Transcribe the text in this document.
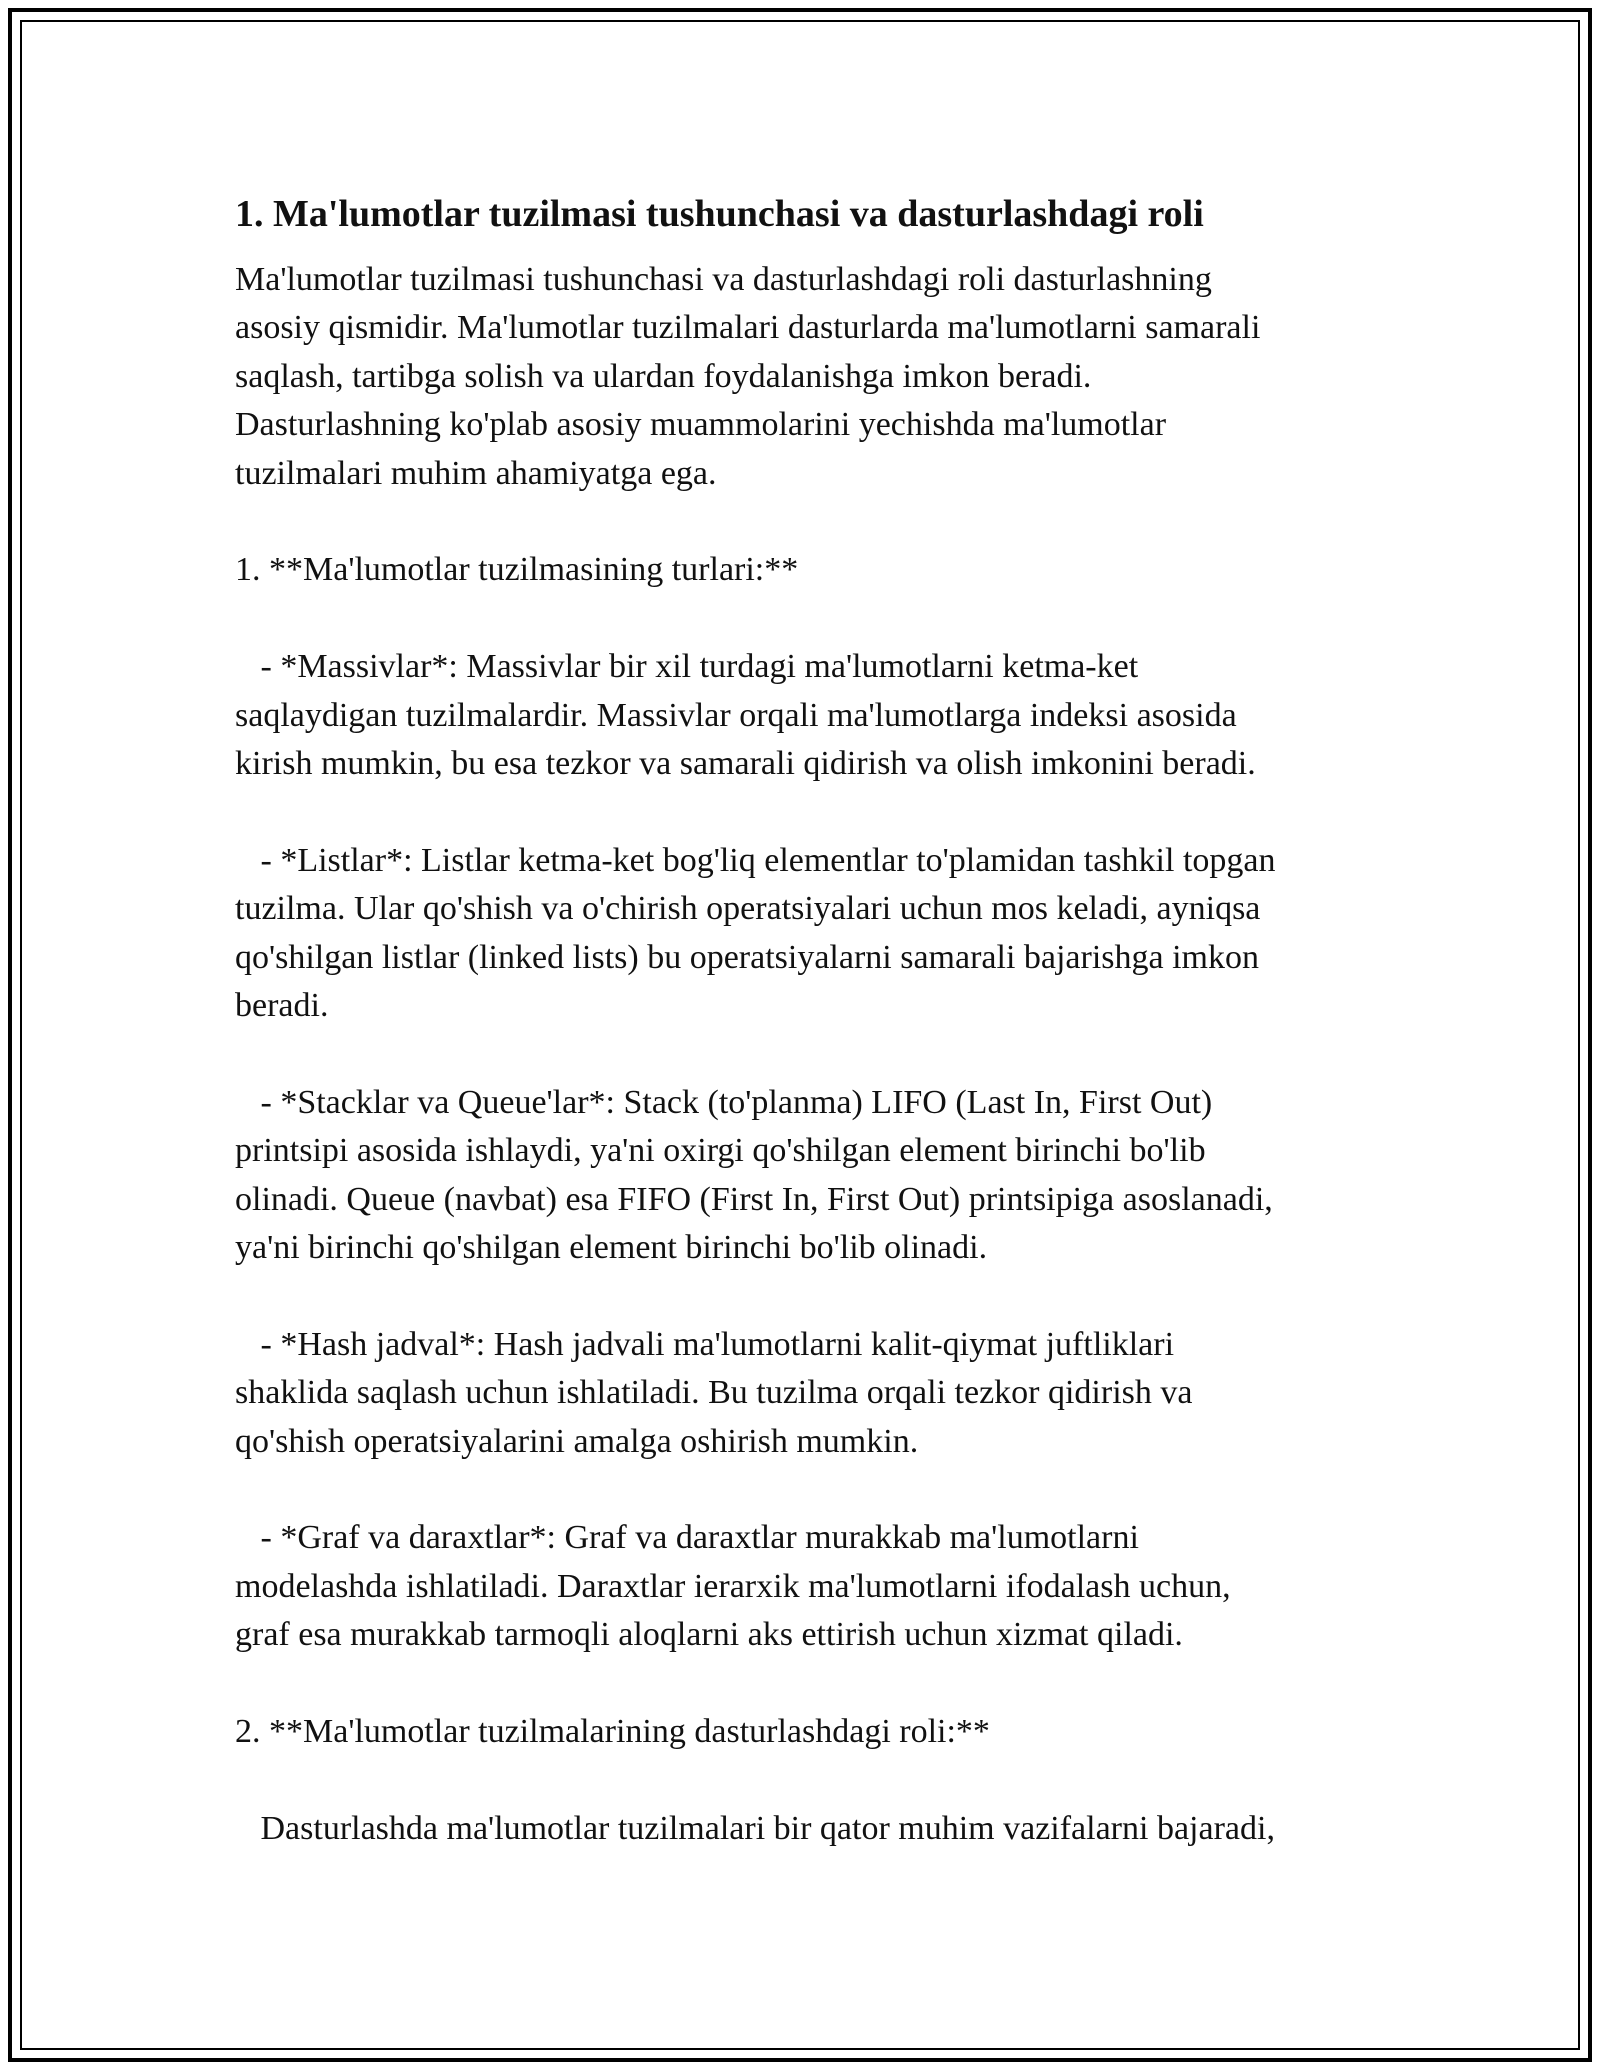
1. Ma'lumotlar tuzilmasi tushunchasi va dasturlashdagi roli

Ma'lumotlar tuzilmasi tushunchasi va dasturlashdagi roli dasturlashning
asosiy qismidir. Ma'lumotlar tuzilmalari dasturlarda ma'lumotlarni samarali
saqlash, tartibga solish va ulardan foydalanishga imkon beradi.
Dasturlashning ko'plab asosiy muammolarini yechishda ma'lumotlar
tuzilmalari muhim ahamiyatga ega.

1. **Ma'lumotlar tuzilmasining turlari:**

- *Massivlar*: Massivlar bir xil turdagi ma'lumotlarni ketma-ket
saqlaydigan tuzilmalardir. Massivlar orqali ma'lumotlarga indeksi asosida
kirish mumkin, bu esa tezkor va samarali qidirish va olish imkonini beradi.

- *Listlar*: Listlar ketma-ket bog'liq elementlar to'plamidan tashkil topgan
tuzilma. Ular qo'shish va o'chirish operatsiyalari uchun mos keladi, ayniqsa
qo'shilgan listlar (linked lists) bu operatsiyalarni samarali bajarishga imkon
beradi.

- *Stacklar va Queue'lar*: Stack (to'planma) LIFO (Last In, First Out)
printsipi asosida ishlaydi, ya'ni oxirgi qo'shilgan element birinchi bo'lib
olinadi. Queue (navbat) esa FIFO (First In, First Out) printsipiga asoslanadi,
ya'ni birinchi qo'shilgan element birinchi bo'lib olinadi.

- *Hash jadval*: Hash jadvali ma'lumotlarni kalit-qiymat juftliklari
shaklida saqlash uchun ishlatiladi. Bu tuzilma orqali tezkor qidirish va
qo'shish operatsiyalarini amalga oshirish mumkin.

- *Graf va daraxtlar*: Graf va daraxtlar murakkab ma'lumotlarni
modelashda ishlatiladi. Daraxtlar ierarxik ma'lumotlarni ifodalash uchun,
graf esa murakkab tarmoqli aloqlarni aks ettirish uchun xizmat qiladi.

2. **Ma'lumotlar tuzilmalarining dasturlashdagi roli:**

Dasturlashda ma'lumotlar tuzilmalari bir qator muhim vazifalarni bajaradi,
